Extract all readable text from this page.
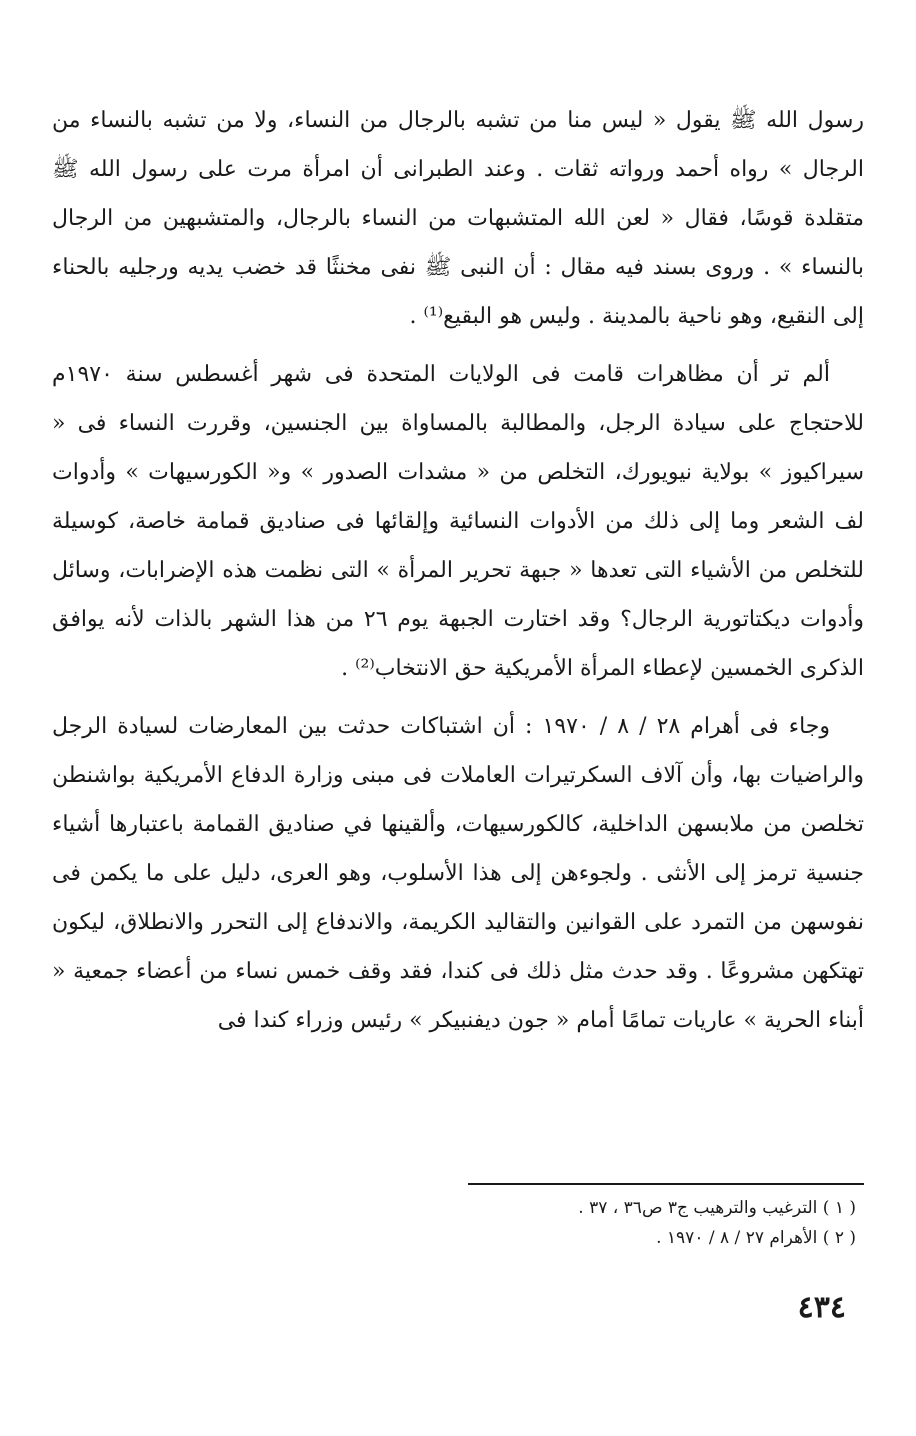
رسول الله ﷺ يقول « ليس منا من تشبه بالرجال من النساء، ولا من تشبه بالنساء من الرجال » رواه أحمد ورواته ثقات . وعند الطبرانى أن امرأة مرت على رسول الله ﷺ متقلدة قوسًا، فقال « لعن الله المتشبهات من النساء بالرجال، والمتشبهين من الرجال بالنساء » . وروى بسند فيه مقال : أن النبى ﷺ نفى مخنثًا قد خضب يديه ورجليه بالحناء إلى النقيع، وهو ناحية بالمدينة . وليس هو البقيع⁽¹⁾ .

ألم تر أن مظاهرات قامت فى الولايات المتحدة فى شهر أغسطس سنة ١٩٧٠م للاحتجاج على سيادة الرجل، والمطالبة بالمساواة بين الجنسين، وقررت النساء فى « سيراكيوز » بولاية نيويورك، التخلص من « مشدات الصدور » و« الكورسيهات » وأدوات لف الشعر وما إلى ذلك من الأدوات النسائية وإلقائها فى صناديق قمامة خاصة، كوسيلة للتخلص من الأشياء التى تعدها « جبهة تحرير المرأة » التى نظمت هذه الإضرابات، وسائل وأدوات ديكتاتورية الرجال؟ وقد اختارت الجبهة يوم ٢٦ من هذا الشهر بالذات لأنه يوافق الذكرى الخمسين لإعطاء المرأة الأمريكية حق الانتخاب⁽²⁾ .

وجاء فى أهرام ٢٨ / ٨ / ١٩٧٠ : أن اشتباكات حدثت بين المعارضات لسيادة الرجل والراضيات بها، وأن آلاف السكرتيرات العاملات فى مبنى وزارة الدفاع الأمريكية بواشنطن تخلصن من ملابسهن الداخلية، كالكورسيهات، وألقينها في صناديق القمامة باعتبارها أشياء جنسية ترمز إلى الأنثى . ولجوءهن إلى هذا الأسلوب، وهو العرى، دليل على ما يكمن فى نفوسهن من التمرد على القوانين والتقاليد الكريمة، والاندفاع إلى التحرر والانطلاق، ليكون تهتكهن مشروعًا . وقد حدث مثل ذلك فى كندا، فقد وقف خمس نساء من أعضاء جمعية « أبناء الحرية » عاريات تمامًا أمام « جون ديفنبيكر » رئيس وزراء كندا فى

( ١ ) الترغيب والترهيب ج٣ ص٣٦ ، ٣٧ .

( ٢ ) الأهرام ٢٧ / ٨ / ١٩٧٠ .

٤٣٤
